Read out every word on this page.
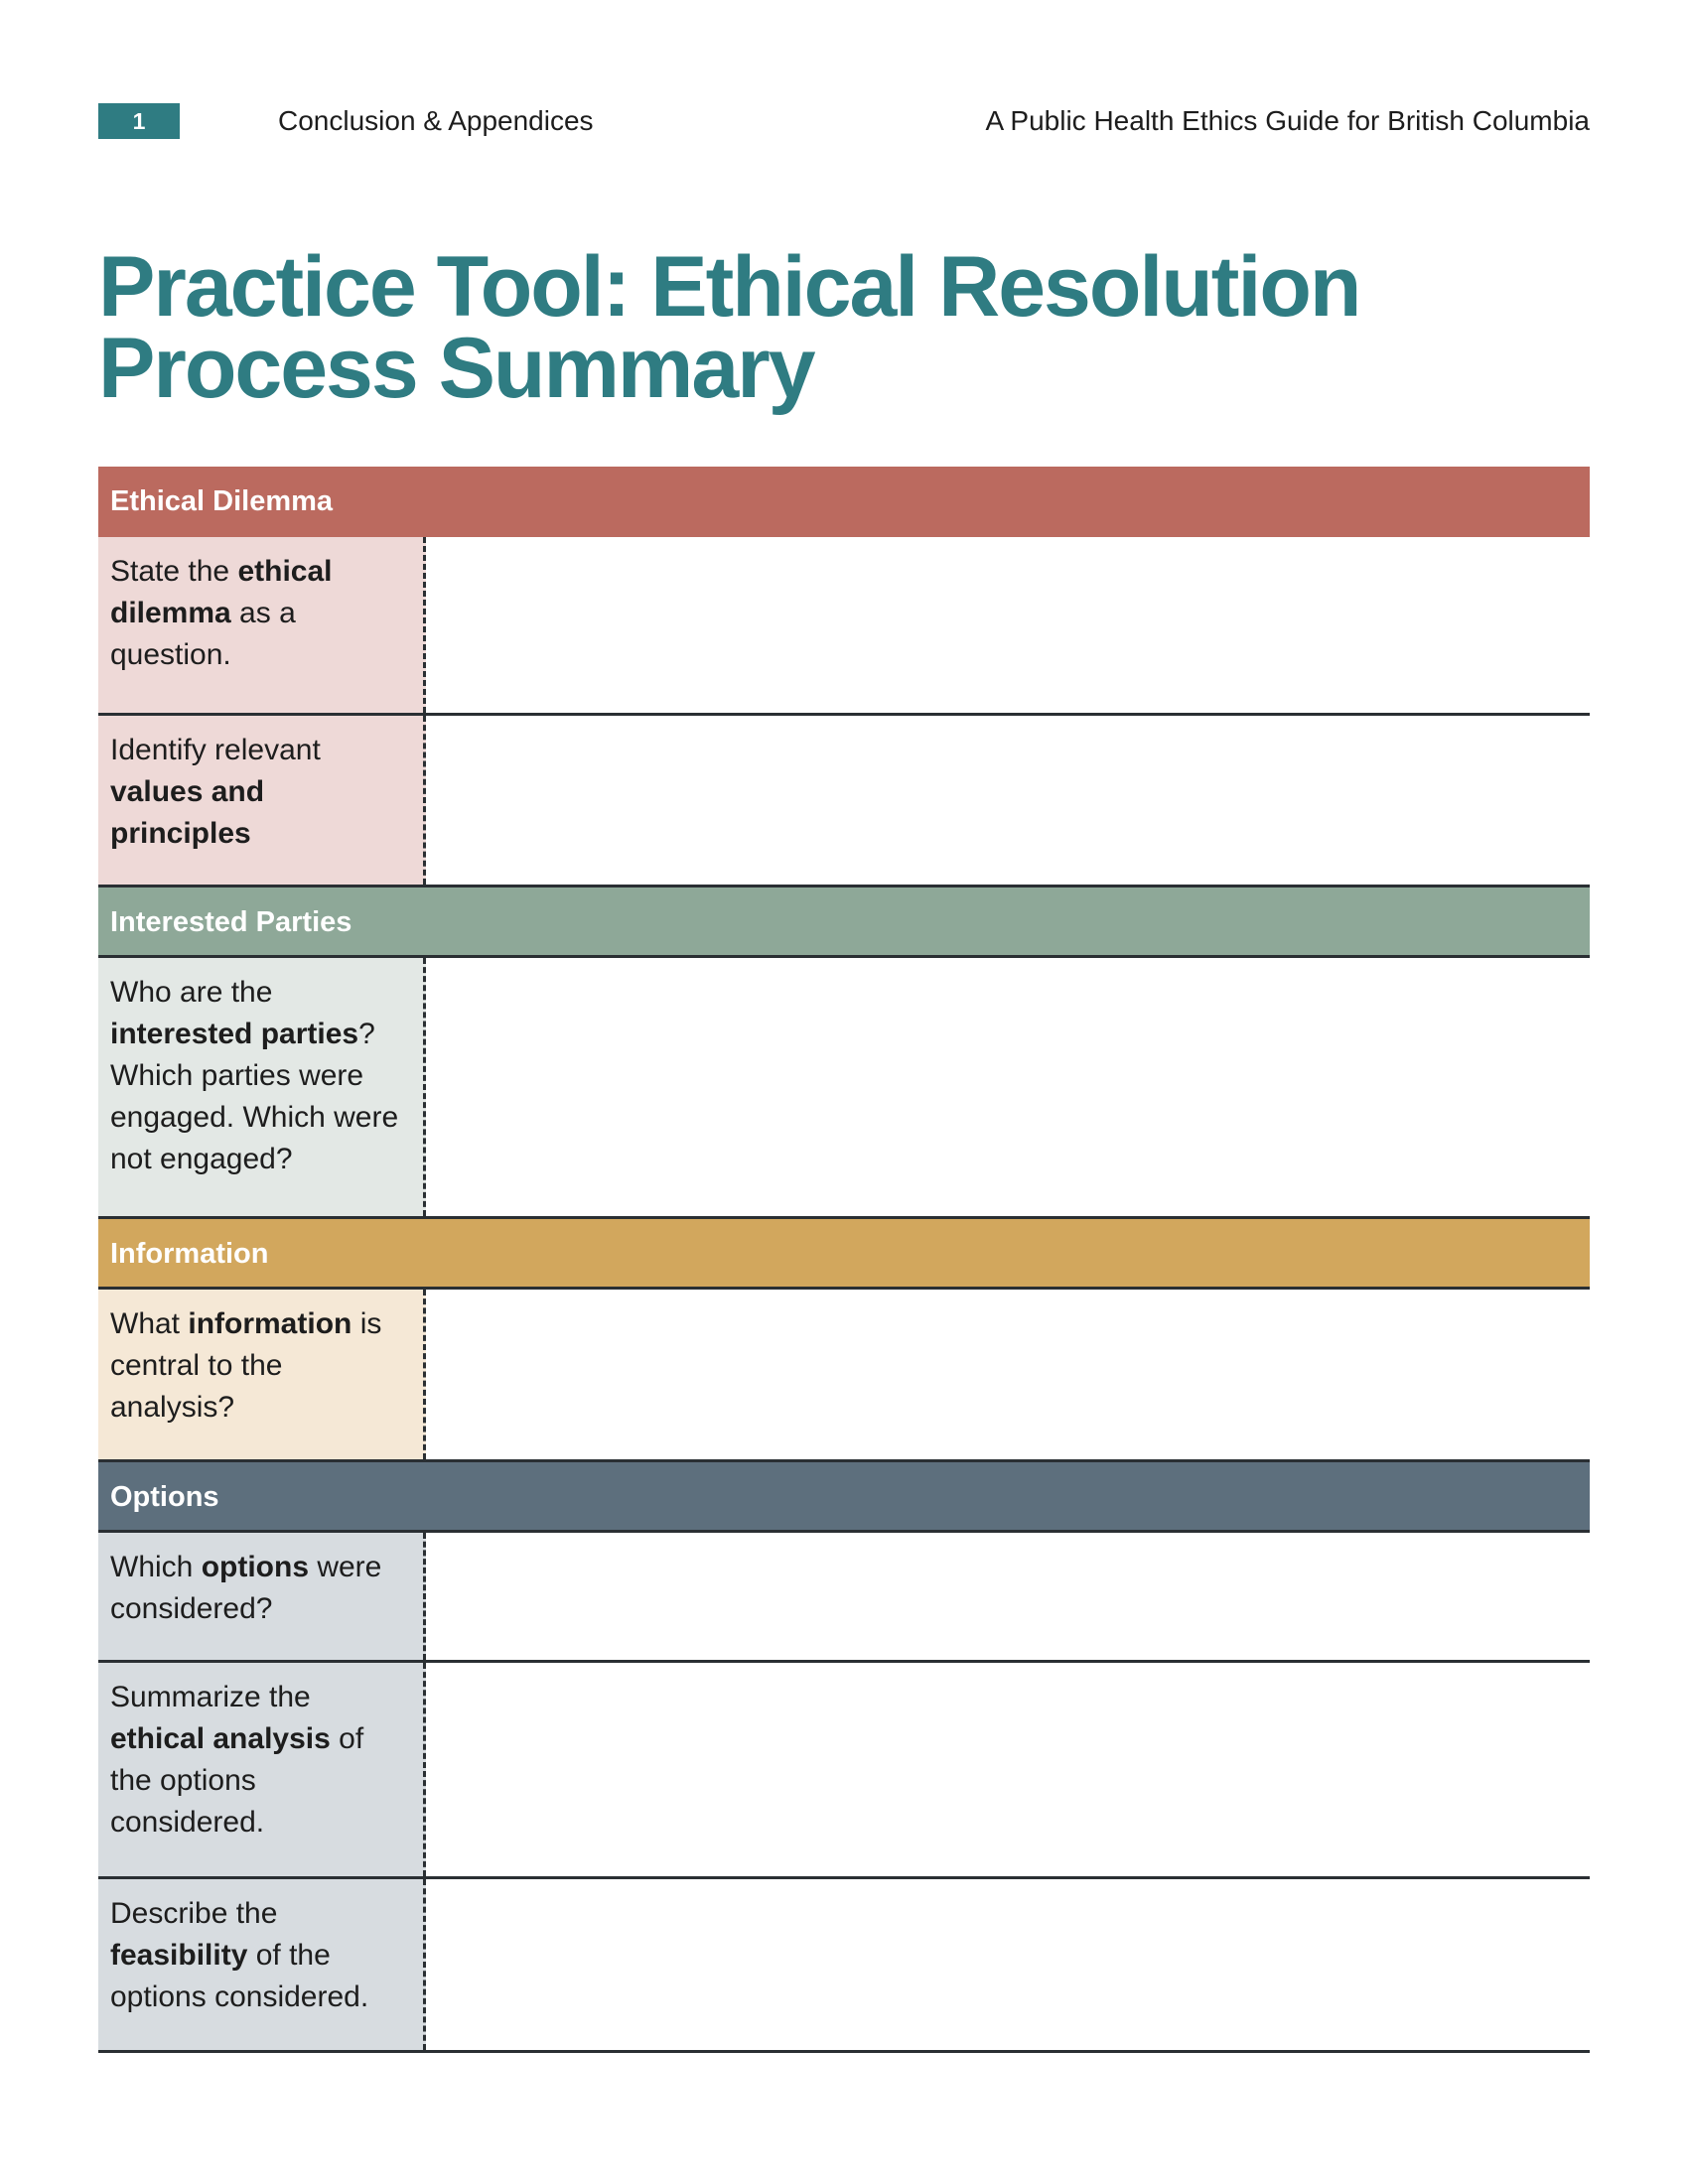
1	Conclusion & Appendices	A Public Health Ethics Guide for British Columbia
Practice Tool: Ethical Resolution
Process Summary
Ethical Dilemma
State the ethical dilemma as a question.
Identify relevant values and principles
Interested Parties
Who are the interested parties? Which parties were engaged. Which were not engaged?
Information
What information is central to the analysis?
Options
Which options were considered?
Summarize the ethical analysis of the options considered.
Describe the feasibility of the options considered.
